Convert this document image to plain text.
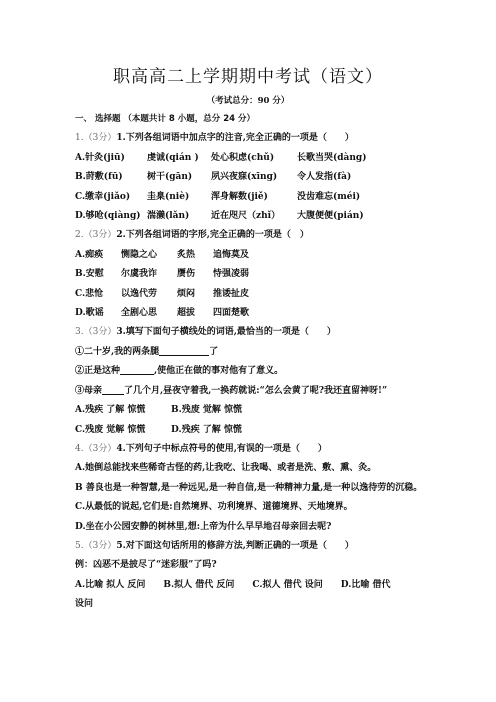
职高高二上学期期中考试（语文）
（考试总分：90 分）
一、 选择题 （本题共计 8 小题，总分 24 分）
1.（3分）1.下列各组词语中加点字的注音,完全正确的一项是（　　）
A.针灸(jiū) 虔诚(qián ) 处心积虑(chǔ)	长歌当哭(dàng)
B.莳敷(fū)	树干(gān) 夙兴夜寐(xīng) 令人发指(fà)
C.缴幸(jiǎo) 圭臬(niè) 浑身解数(jiě)	没齿难忘(méi)
D.够呛(qiàng) 湍濑(lǎn) 近在咫尺（zhǐ） 大腹便便(pián)
2.（3分）2.下列各组词语的字形,完全正确的一项是（　）
A.痴痪 恻隐之心 炙热 追悔莫及
B.安慰 尔虞我诈 赝伤 恃强凌弱
C.悲怆 以逸代劳 烦闷 推诿扯皮
D.歌谣 全剧心思 超拔 四面楚歌
3.（3分）3.填写下面句子横线处的词语,最恰当的一项是（　　）
①二十岁,我的两条腿	了
②正是这种	,使他正在做的事对他有了意义。
③母亲 了几个月,昼夜守着我,一换药就说:“怎么会黄了呢?我还直留神呀!”
A.残疾 了解 惊慌	B.残废 觉解 惊慌
C.残废 觉解 惊慌	D.残疾 了解 惊慌
4.（3分）4.下列句子中标点符号的使用,有误的一项是（　　）
A.她倒总能找来些稀奇古怪的药,让我吃、让我喝、或者是洗、敷、熏、灸。
B 善良也是一种智慧,是一种远见,是一种自信,是一种精神力量,是一种以逸待劳的沉稳。
C.从最低的说起,它们是:自然境界、功利境界、道德境界、天地境界。
D.坐在小公园安静的树林里,想:上帝为什么早早地召母亲回去呢?
5.（3分）5.对下面这句话所用的修辞方法,判断正确的一项是（　　）
例：凶恶不是披尽了“迷彩服”了吗?
A.比喻 拟人 反问　　B.拟人 借代 反问　　C.拟人 借代 设问　　D.比喻 借代
设问
